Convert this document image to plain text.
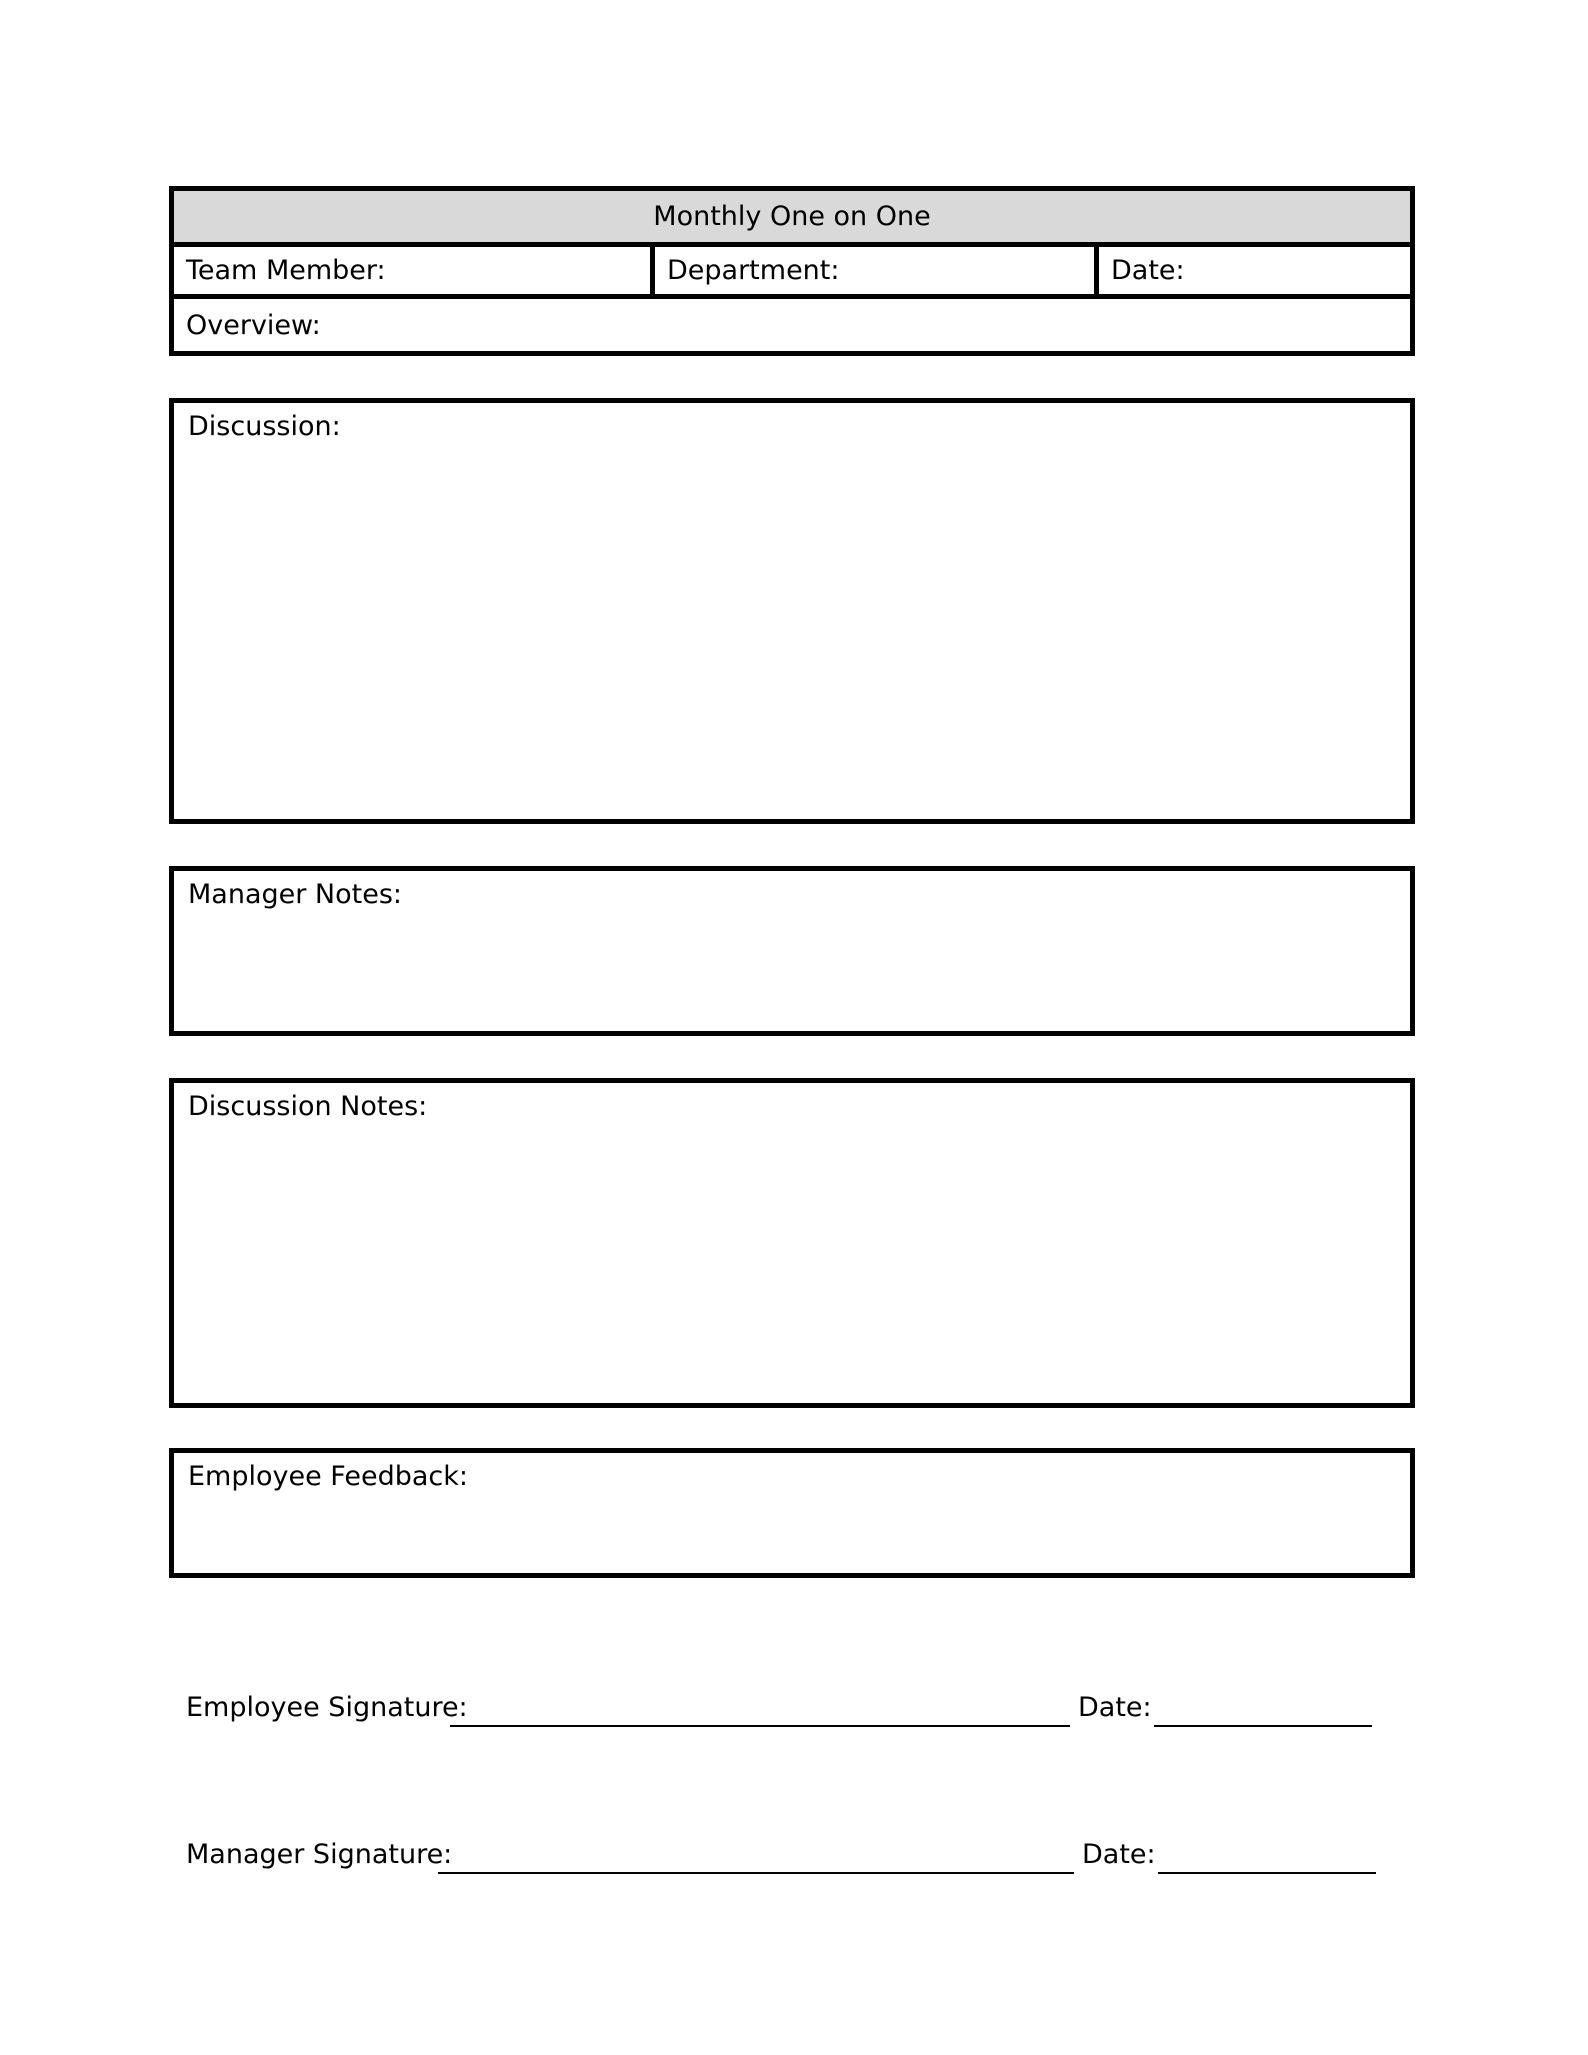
Monthly One on One
Team Member:	Department:	Date:
Overview:
Discussion:
Manager Notes:
Discussion Notes:
Employee Feedback:
Employee Signature:	Date:
Manager Signature:	Date:
